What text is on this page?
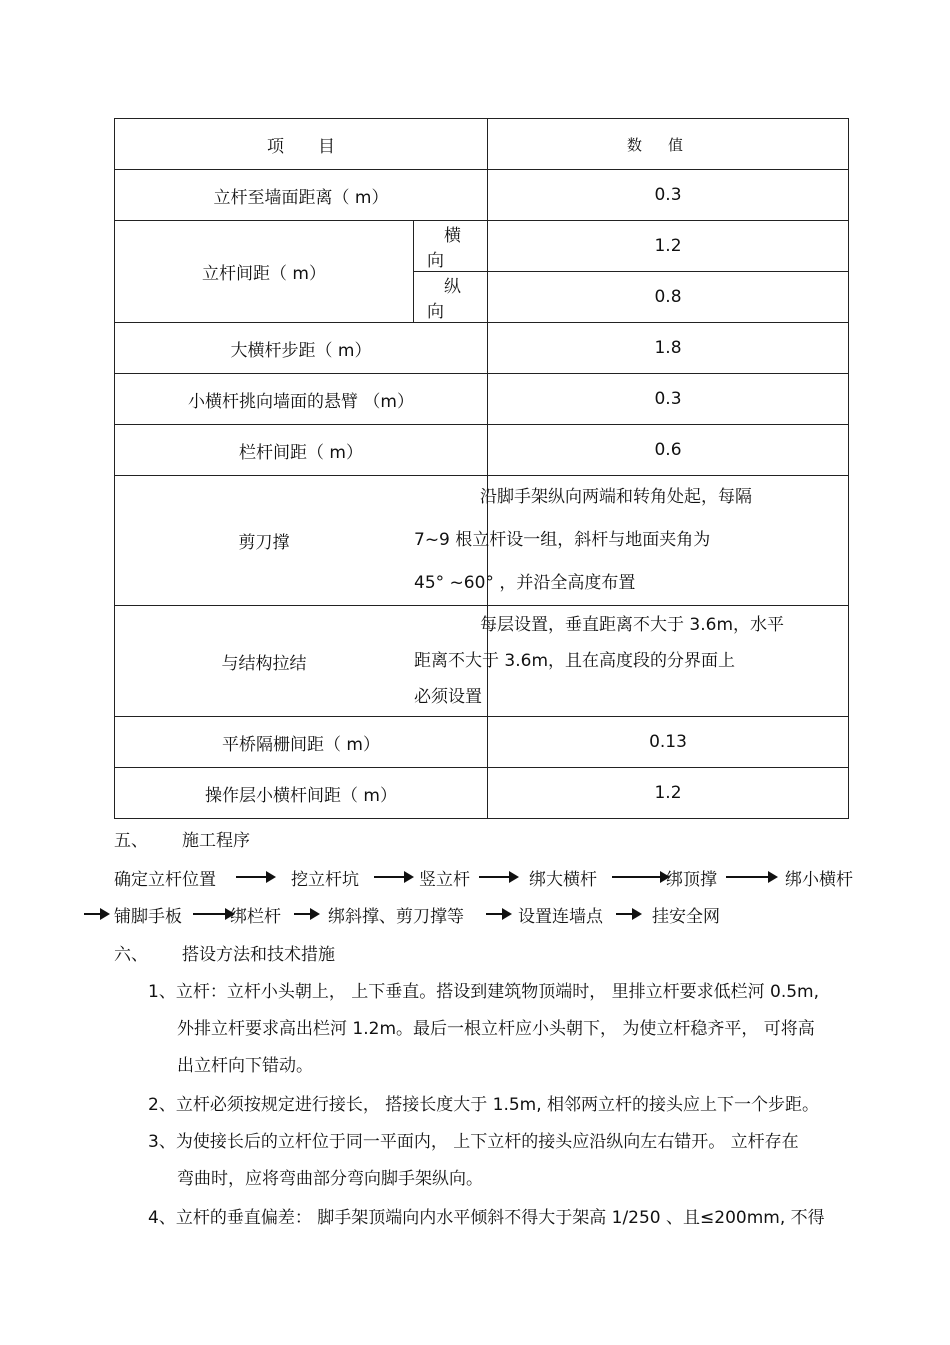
项目	数值
立杆至墙面距离（ m）	0.3
立杆间距（ m）	横向	1.2
纵向	0.8
大横杆步距（ m）	1.8
小横杆挑向墙面的悬臂 （m）	0.3
栏杆间距（ m）	0.6
剪刀撑	沿脚手架纵向两端和转角处起，每隔
7~9 根立杆设一组，斜杆与地面夹角为
45° ~60° ，并沿全高度布置

与结构拉结	每层设置，垂直距离不大于 3.6m，水平
距离不大于 3.6m，且在高度段的分界面上
必须设置

平桥隔栅间距（ m）	0.13
操作层小横杆间距（ m）	1.2
五、 施工程序
确定立杆位置	挖立杆坑	竖立杆	绑大横杆	绑顶撑	绑小横杆
铺脚手板	绑栏杆	绑斜撑、剪刀撑等	设置连墙点	挂安全网
六、 搭设方法和技术措施
1、立杆：立杆小头朝上， 上下垂直。搭设到建筑物顶端时， 里排立杆要求低栏河 0.5m,
外排立杆要求高出栏河 1.2m。最后一根立杆应小头朝下， 为使立杆稳齐平， 可将高
出立杆向下错动。
2、立杆必须按规定进行接长， 搭接长度大于 1.5m, 相邻两立杆的接头应上下一个步距。
3、为使接长后的立杆位于同一平面内， 上下立杆的接头应沿纵向左右错开。 立杆存在
弯曲时，应将弯曲部分弯向脚手架纵向。
4、立杆的垂直偏差： 脚手架顶端向内水平倾斜不得大于架高 1/250 、且≤200mm, 不得
